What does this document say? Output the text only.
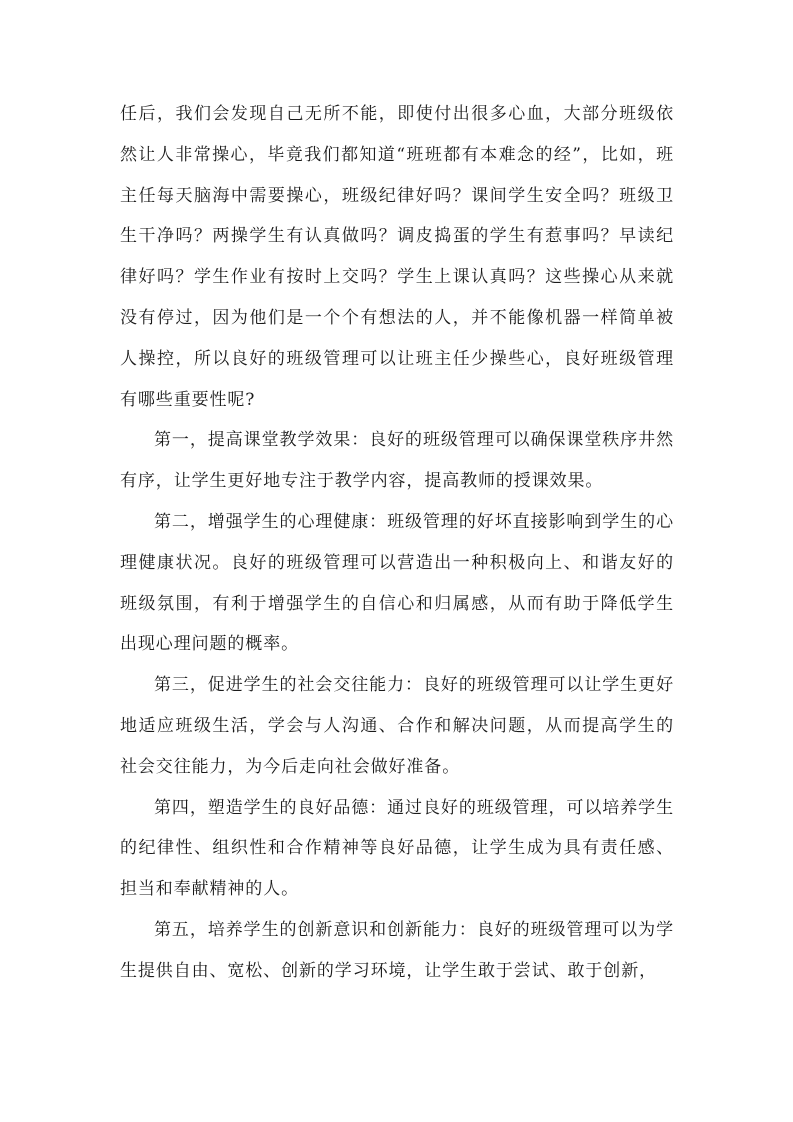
任后，我们会发现自己无所不能，即使付出很多心血，大部分班级依然让人非常操心，毕竟我们都知道“班班都有本难念的经”，比如，班主任每天脑海中需要操心，班级纪律好吗？课间学生安全吗？班级卫生干净吗？两操学生有认真做吗？调皮捣蛋的学生有惹事吗？早读纪律好吗？学生作业有按时上交吗？学生上课认真吗？这些操心从来就没有停过，因为他们是一个个有想法的人，并不能像机器一样简单被人操控，所以良好的班级管理可以让班主任少操些心，良好班级管理有哪些重要性呢?

第一，提高课堂教学效果：良好的班级管理可以确保课堂秩序井然有序，让学生更好地专注于教学内容，提高教师的授课效果。

第二，增强学生的心理健康：班级管理的好坏直接影响到学生的心理健康状况。良好的班级管理可以营造出一种积极向上、和谐友好的班级氛围，有利于增强学生的自信心和归属感，从而有助于降低学生出现心理问题的概率。

第三，促进学生的社会交往能力：良好的班级管理可以让学生更好地适应班级生活，学会与人沟通、合作和解决问题，从而提高学生的社会交往能力，为今后走向社会做好准备。

第四，塑造学生的良好品德：通过良好的班级管理，可以培养学生的纪律性、组织性和合作精神等良好品德，让学生成为具有责任感、担当和奉献精神的人。

第五，培养学生的创新意识和创新能力：良好的班级管理可以为学生提供自由、宽松、创新的学习环境，让学生敢于尝试、敢于创新，
